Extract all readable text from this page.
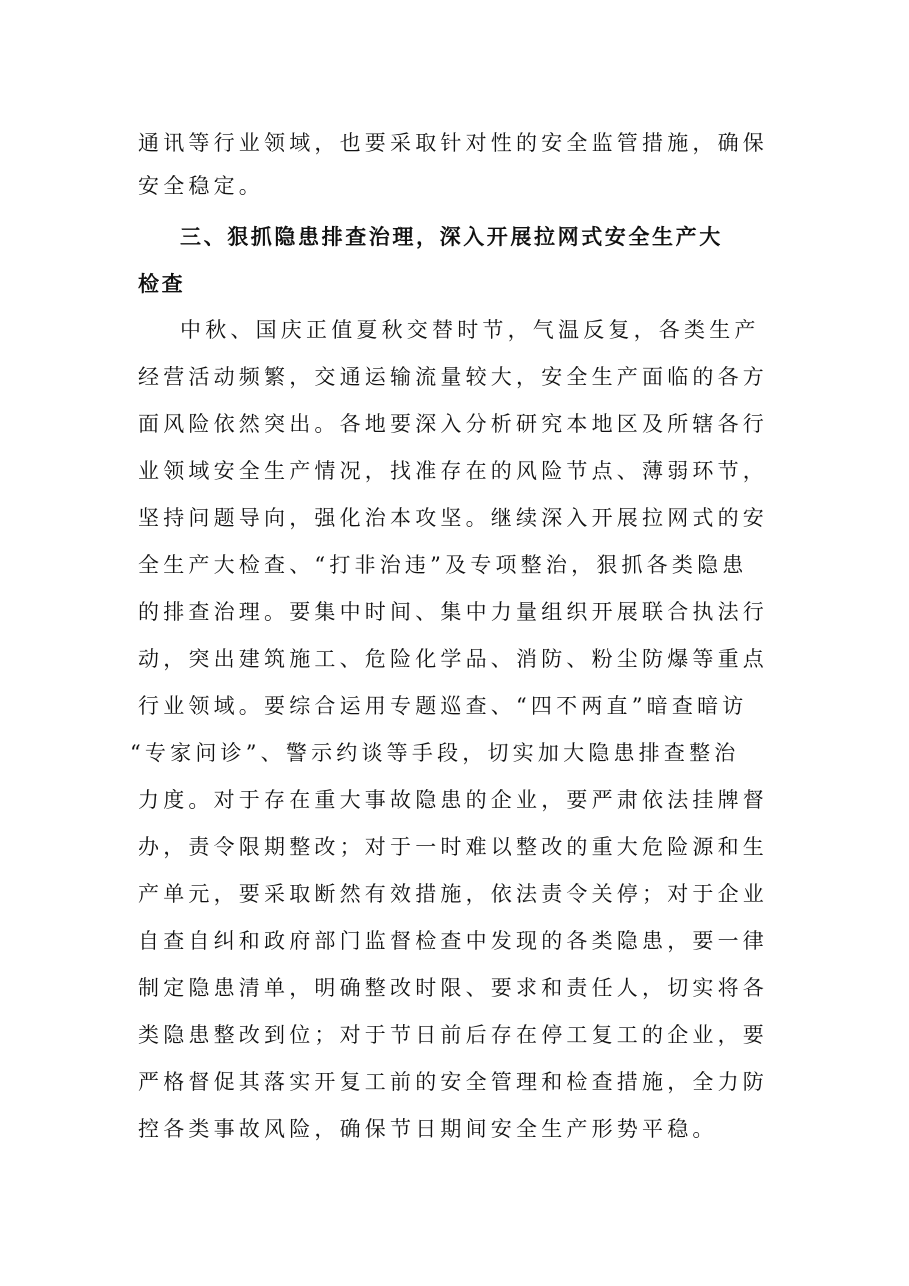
通讯等行业领域，也要采取针对性的安全监管措施，确保
安全稳定。
三、狠抓隐患排查治理，深入开展拉网式安全生产大
检查
中秋、国庆正值夏秋交替时节，气温反复，各类生产
经营活动频繁，交通运输流量较大，安全生产面临的各方
面风险依然突出。各地要深入分析研究本地区及所辖各行
业领域安全生产情况，找准存在的风险节点、薄弱环节，
坚持问题导向，强化治本攻坚。继续深入开展拉网式的安
全生产大检查、“打非治违”及专项整治，狠抓各类隐患
的排查治理。要集中时间、集中力量组织开展联合执法行
动，突出建筑施工、危险化学品、消防、粉尘防爆等重点
行业领域。要综合运用专题巡查、“四不两直”暗查暗访
“专家问诊”、警示约谈等手段，切实加大隐患排查整治
力度。对于存在重大事故隐患的企业，要严肃依法挂牌督
办，责令限期整改；对于一时难以整改的重大危险源和生
产单元，要采取断然有效措施，依法责令关停；对于企业
自查自纠和政府部门监督检查中发现的各类隐患，要一律
制定隐患清单，明确整改时限、要求和责任人，切实将各
类隐患整改到位；对于节日前后存在停工复工的企业，要
严格督促其落实开复工前的安全管理和检查措施，全力防
控各类事故风险，确保节日期间安全生产形势平稳。
